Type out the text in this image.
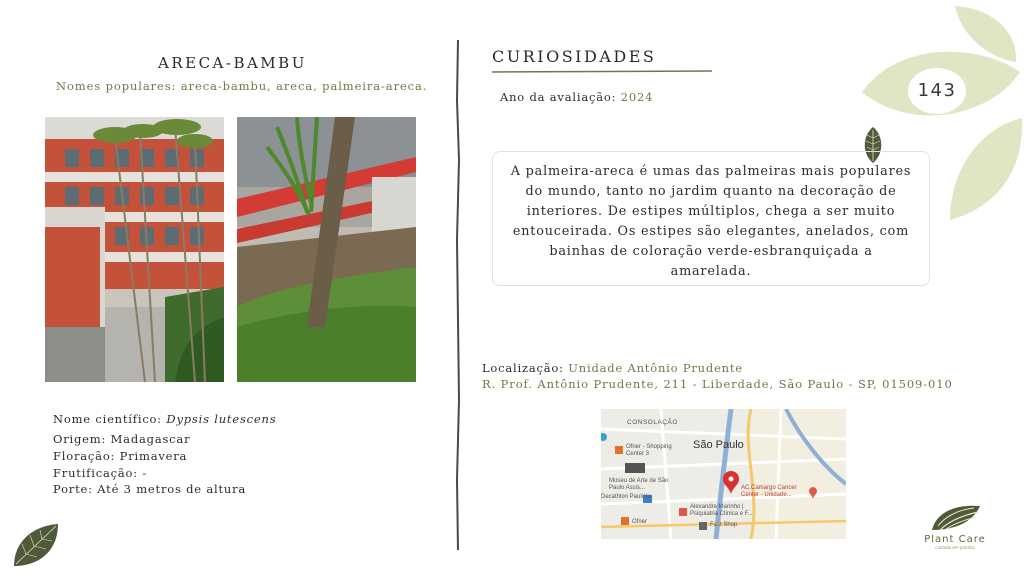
143
ARECA-BAMBU
Nomes populares: areca-bambu, areca, palmeira-areca.
Nome científico: Dypsis lutescens
Origem: Madagascar
Floração: Primavera
Frutificação: -
Porte: Até 3 metros de altura
CURIOSIDADES
Ano da avaliação: 2024
A palmeira-areca é umas das palmeiras mais populares do mundo, tanto no jardim quanto na decoração de interiores. De estipes múltiplos, chega a ser muito entouceirada. Os estipes são elegantes, anelados, com bainhas de coloração verde-esbranquiçada a amarelada.
Localização: Unidade Antônio Prudente
R. Prof. Antônio Prudente, 211 - Liberdade, São Paulo - SP, 01509-010
CONSOLAÇÃO
São Paulo
Ofner - Shopping Center 3
Museu de Arte de São Paulo Assis...
Decathlon Paulista
AC.Camargo Cancer Center - Unidade...
Alexandre Marinho | Psiquiatria Clínica e F...
Ofner	Fast Shop
Plant Care
cuidado em plantas
